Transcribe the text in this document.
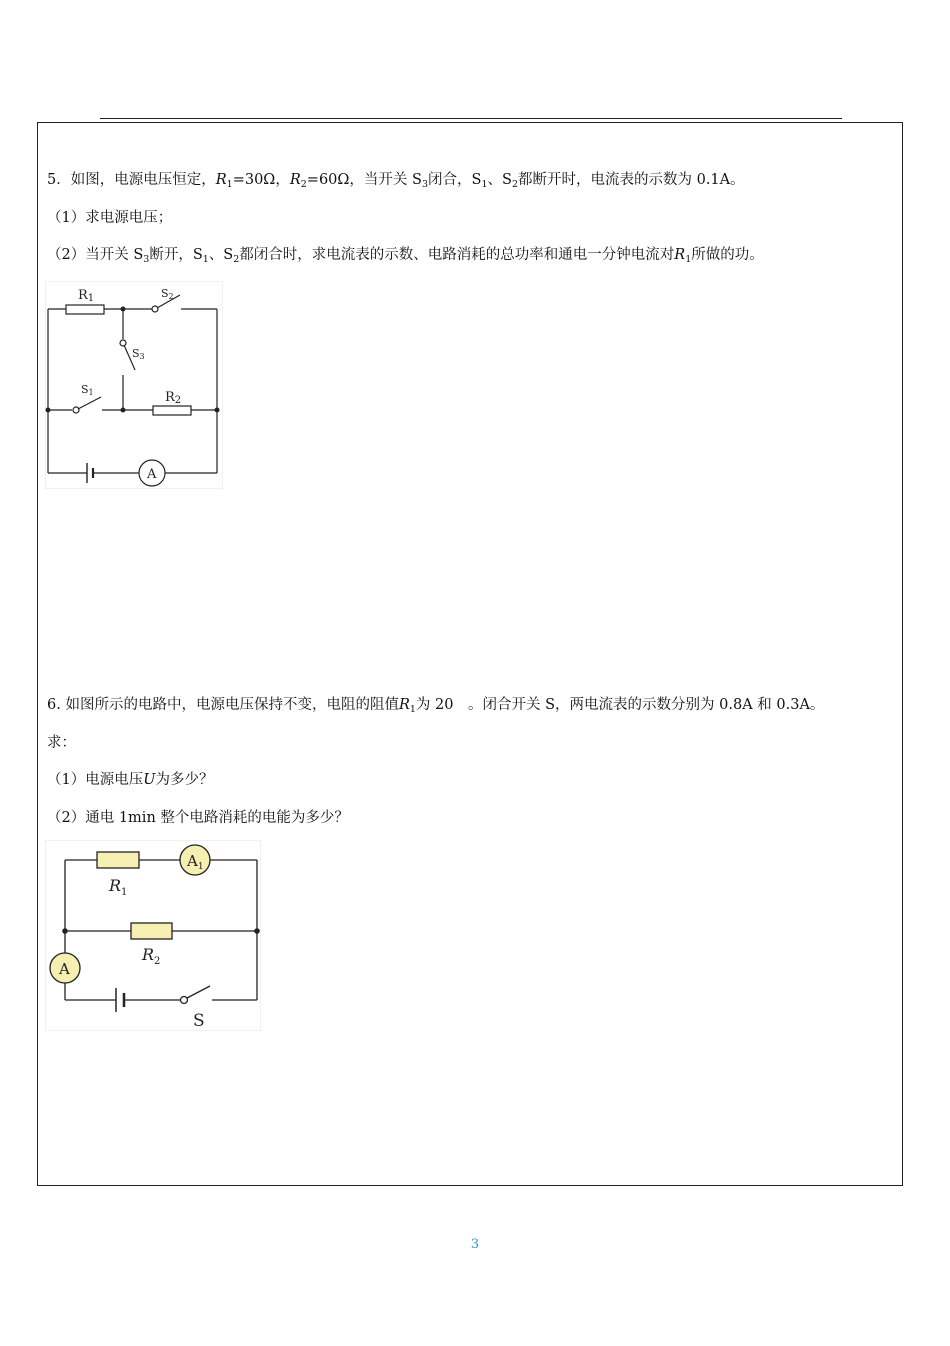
5．如图，电源电压恒定，$R_1=30\Omega$，$R_2=60\Omega$，当开关 $S_3$闭合，$S_1$、$S_2$都断开时，电流表的示数为 0.1A。
（1）求电源电压；
（2）当开关 $S_3$断开，$S_1$、$S_2$都闭合时，求电流表的示数、电路消耗的总功率和通电一分钟电流对$R_1$所做的功。
R1	S2
S3
S1	R2
A
6. 如图所示的电路中，电源电压保持不变，电阻的阻值$R_1$为 20　。闭合开关 S，两电流表的示数分别为 0.8A 和 0.3A。
求：
（1）电源电压U为多少？
（2）通电 1min 整个电路消耗的电能为多少？
$R_1$
$R_2$
$A_1$
A
S
3
